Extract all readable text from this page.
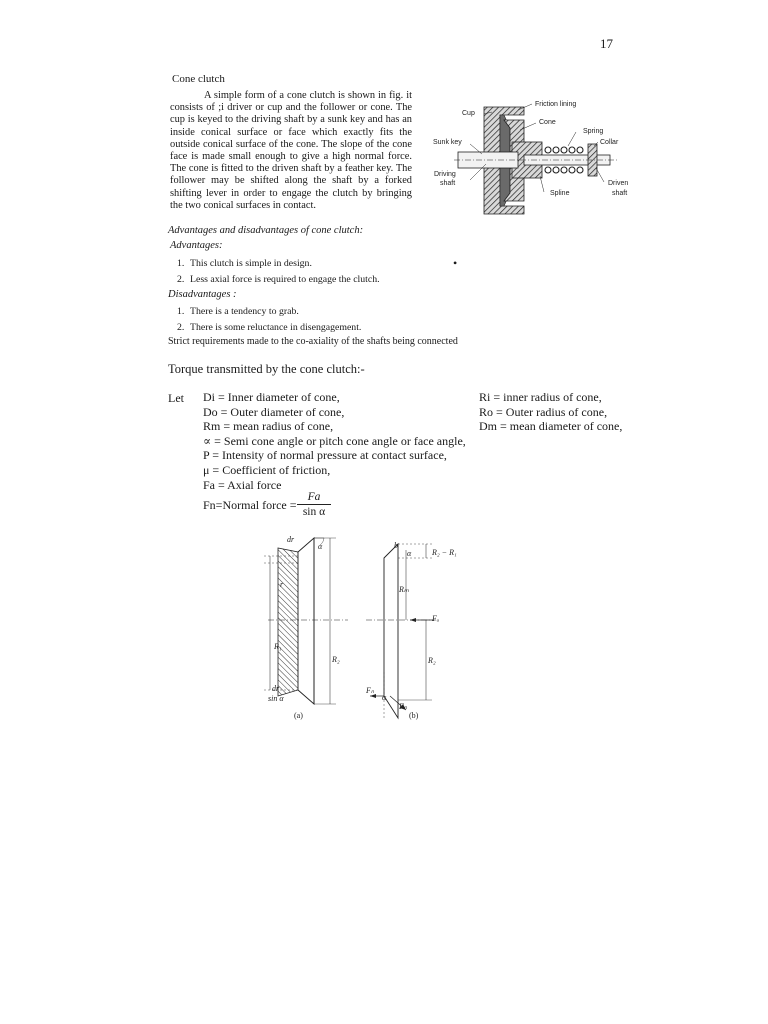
17
Cone clutch
A simple form of a cone clutch is shown in fig. it consists of ;i driver or cup and the follower or cone. The cup is keyed to the driving shaft by a sunk key and has an inside conical surface or face which exactly fits the outside conical surface of the cone. The slope of the cone face is made small enough to give a high normal force. The cone is fitted to the driven shaft by a feather key. The follower may be shifted along the shaft by a forked shifting lever in order to engage the clutch by bringing the two conical surfaces in contact.
Cup
Friction lining
Cone
Spring
Collar
Sunk key
Driving
shaft
Spline
Driven
shaft
Advantages and disadvantages of cone clutch:
Advantages:
1. This clutch is simple in design.
2. Less axial force is required to engage the clutch.
•
Disadvantages :
1. There is a tendency to grab.
2. There is some reluctance in disengagement.
Strict requirements made to the co-axiality of the shafts being connected
Torque transmitted by the cone clutch:-
Let Di = Inner diameter of cone,
Do = Outer diameter of cone,
Rm = mean radius of cone,
∝ = Semi cone angle or pitch cone angle or face angle,
P = Intensity of normal pressure at contact surface,
μ = Coefficient of friction,
Fa = Axial force
Ri = inner radius of cone,
Ro = Outer radius of cone,
Dm = mean diameter of cone,
Fn=Normal force = $\frac{Fa}{\text{sin α}}$
dr
α
r
R₁
R₂
dr
sin α
(a)
b
α	R₂ − R₁
Rₘ
Fₐ
R₂
Fₙ
α
Fₙ
(b)
